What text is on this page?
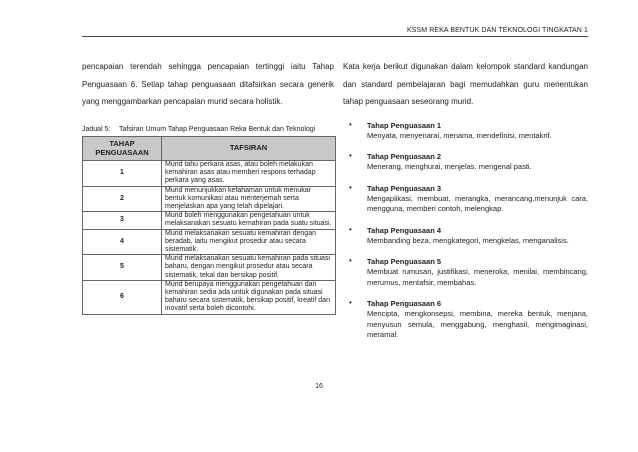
KSSM REKA BENTUK DAN TEKNOLOGI TINGKATAN 1

pencapaian terendah sehingga pencapaian tertinggi iaitu Tahap Penguasaan 6. Setiap tahap penguasaan ditafsirkan secara generik yang menggambarkan pencapaian murid secara holistik.

Jadual 5:	Tafsiran Umum Tahap Penguasaan Reka Bentuk dan Teknologi
TAHAP PENGUASAAN	TAFSIRAN
1	Murid tahu perkara asas, atau boleh melakukan kemahiran asas atau memberi respons terhadap perkara yang asas.
2	Murid menunjukkan kefahaman untuk menukar bentuk komunikasi atau menterjemah serta menjelaskan apa yang telah dipelajari.
3	Murid boleh menggunakan pengetahuan untuk melaksanakan sesuatu kemahiran pada suatu situasi.
4	Murid melaksanakan sesuatu kemahiran dengan beradab, iaitu mengikut prosedur atau secara sistematik.
5	Murid melaksanakan sesuatu kemahiran pada situasi baharu, dengan mengikut prosedur atau secara sistematik, tekal dan bersikap positif.
6	Murid berupaya menggunakan pengetahuan dan kemahiran sedia ada untuk digunakan pada situasi baharu secara sistematik, bersikap positif, kreatif dan inovatif serta boleh dicontohi.

Kata kerja berikut digunakan dalam kelompok standard kandungan dan standard pembelajaran bagi memudahkan guru menentukan tahap penguasaan seseorang murid.

• Tahap Penguasaan 1
Menyata, menyenarai, menama, mendefinisi, mentakrif.
• Tahap Penguasaan 2
Menerang, menghurai, menjelas. mengenal pasti.
• Tahap Penguasaan 3
Mengaplikasi, membuat, merangka, merancang,menunjuk cara, mengguna, memberi contoh, melengkap.
• Tahap Penguasaan 4
Membanding beza, mengkategori, mengkelas, menganalisis.
• Tahap Penguasaan 5
Membuat rumusan, justifikasi, meneroka, menilai, membincang, merumus, mentafsir, membahas.
• Tahap Penguasaan 6
Mencipta, mengkonsepsi, membina, mereka bentuk, menjana, menyusun semula, menggabung, menghasil, mengimaginasi, meramal.
16
